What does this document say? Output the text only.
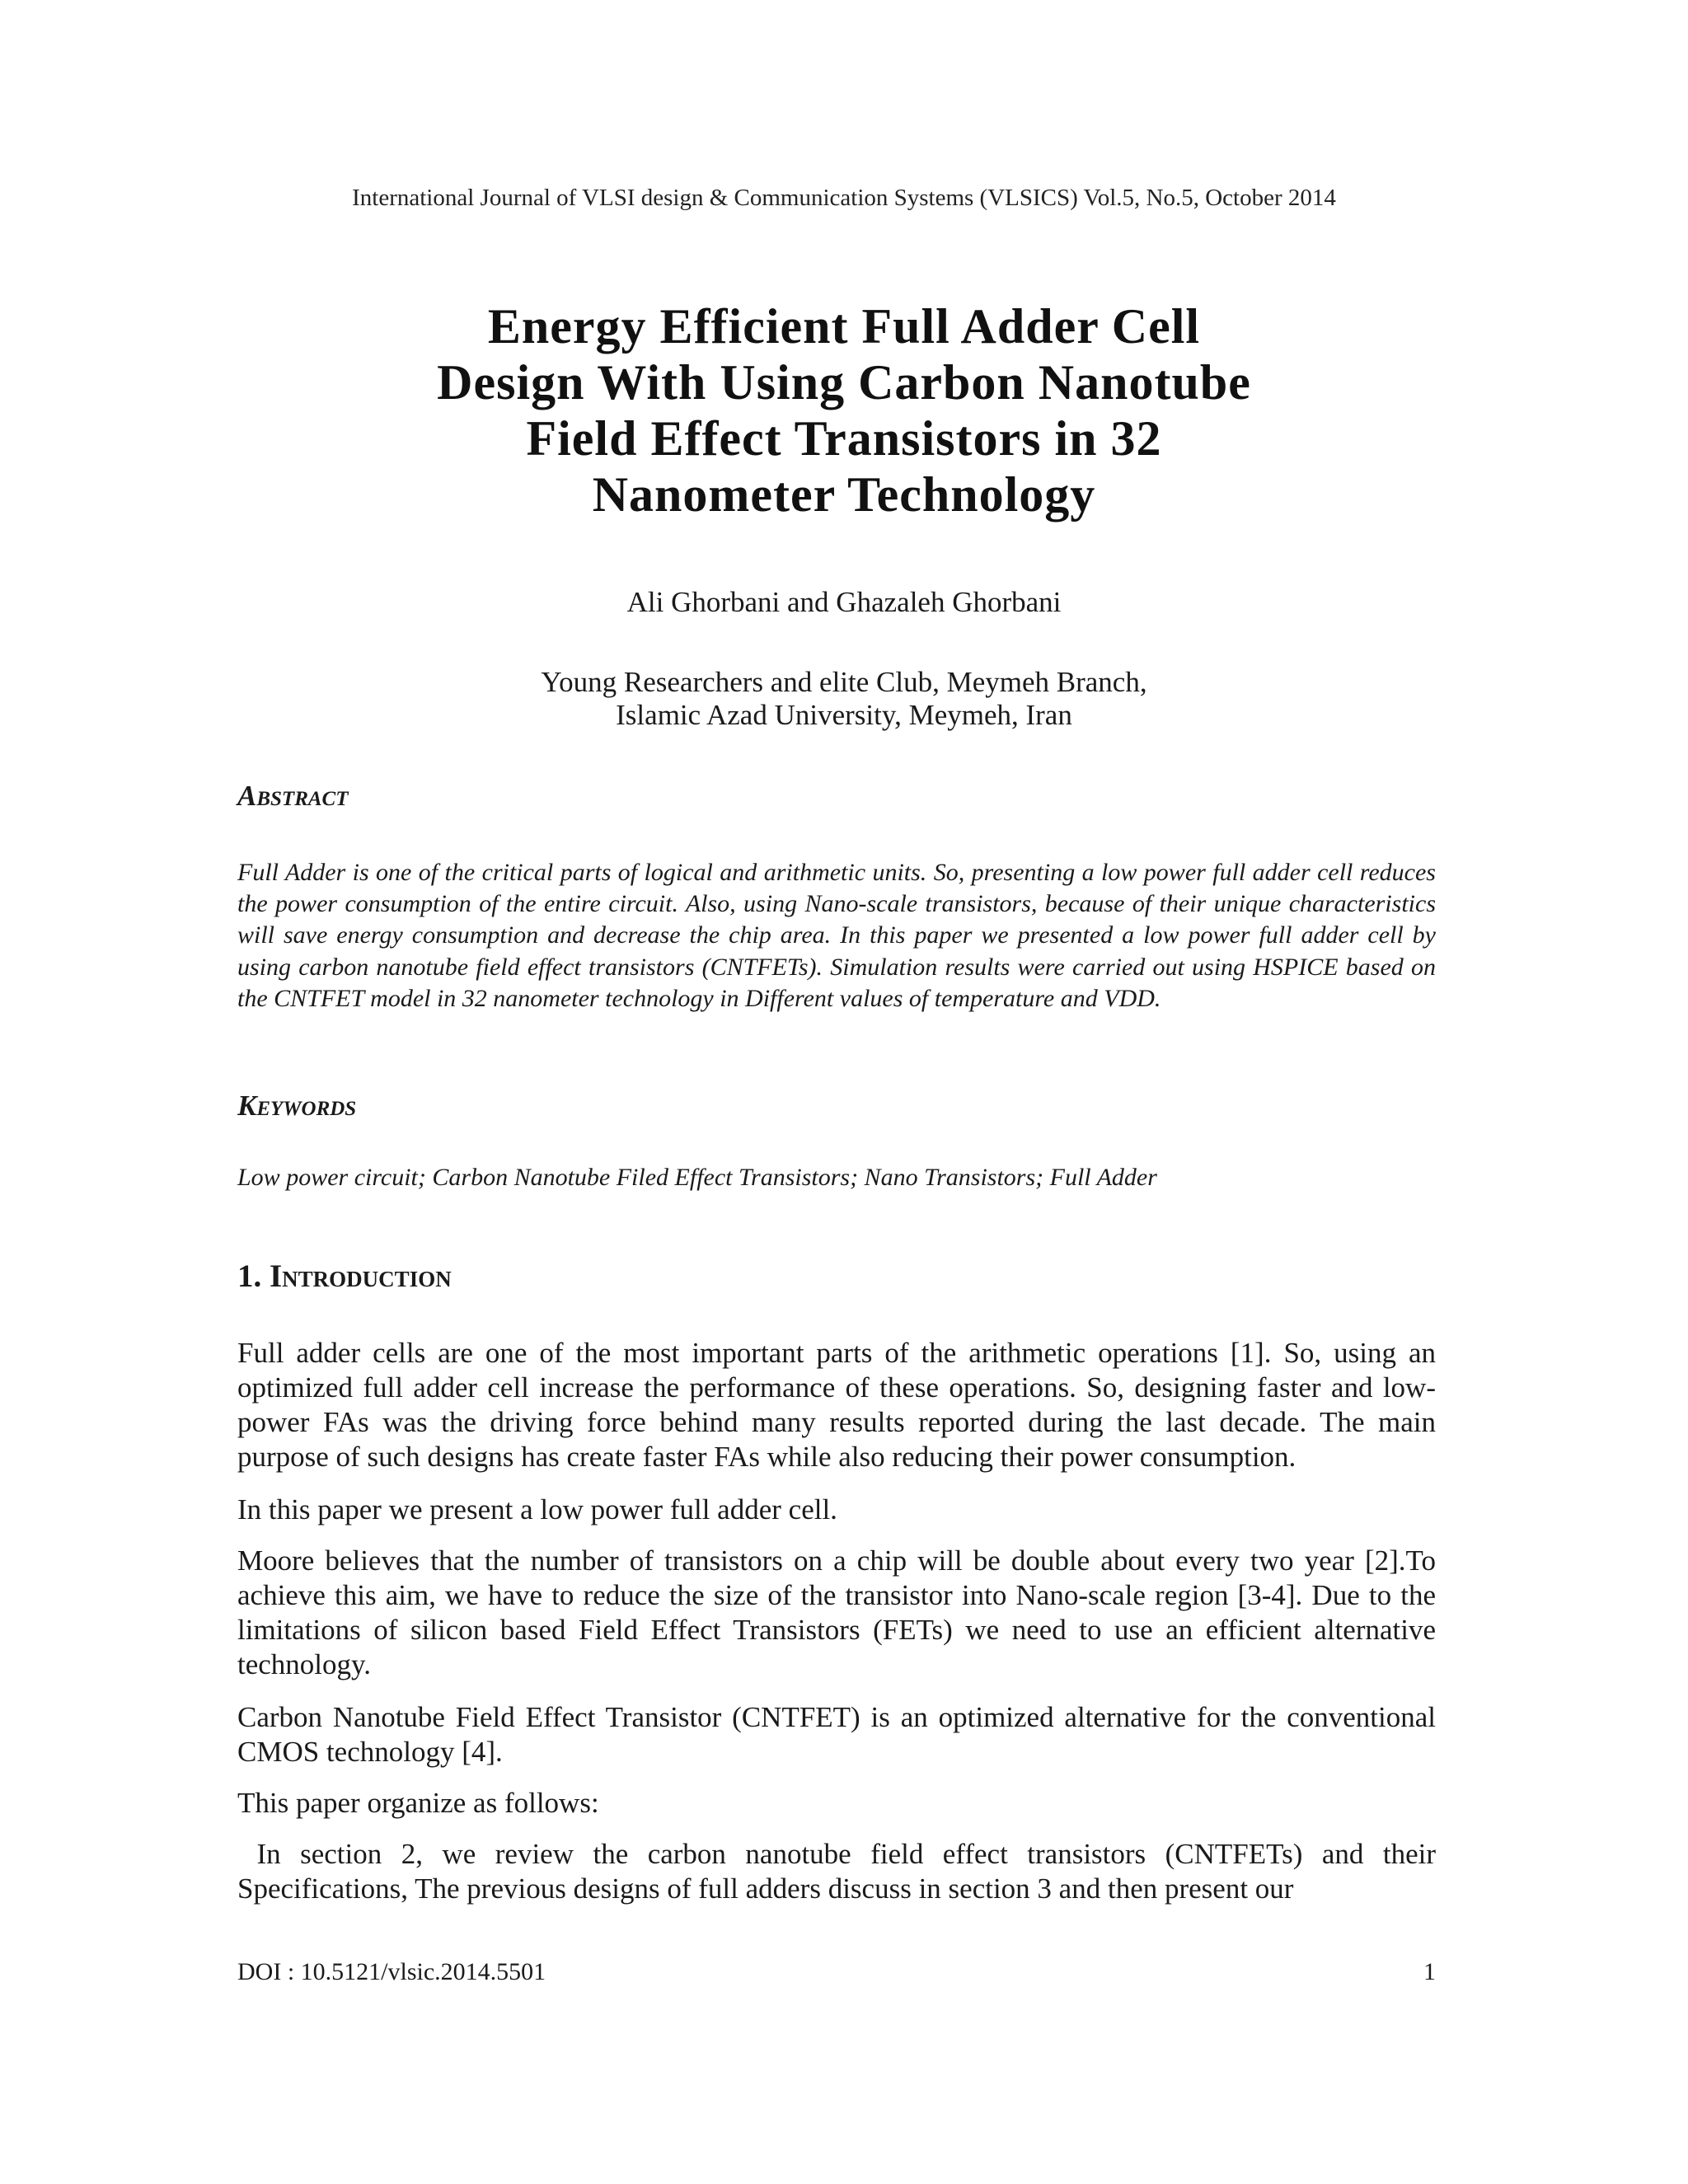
International Journal of VLSI design & Communication Systems (VLSICS) Vol.5, No.5, October 2014
Energy Efficient Full Adder Cell
Design With Using Carbon Nanotube
Field Effect Transistors in 32
Nanometer Technology
Ali Ghorbani and Ghazaleh Ghorbani
Young Researchers and elite Club, Meymeh Branch,
Islamic Azad University, Meymeh, Iran
Abstract

Full Adder is one of the critical parts of logical and arithmetic units. So, presenting a low power full adder cell reduces the power consumption of the entire circuit. Also, using Nano-scale transistors, because of their unique characteristics will save energy consumption and decrease the chip area. In this paper we presented a low power full adder cell by using carbon nanotube field effect transistors (CNTFETs). Simulation results were carried out using HSPICE based on the CNTFET model in 32 nanometer technology in Different values of temperature and VDD.

Keywords

Low power circuit; Carbon Nanotube Filed Effect Transistors; Nano Transistors; Full Adder

1. Introduction

Full adder cells are one of the most important parts of the arithmetic operations [1]. So, using an optimized full adder cell increase the performance of these operations. So, designing faster and low-power FAs was the driving force behind many results reported during the last decade. The main purpose of such designs has create faster FAs while also reducing their power consumption.

In this paper we present a low power full adder cell.

Moore believes that the number of transistors on a chip will be double about every two year [2].To achieve this aim, we have to reduce the size of the transistor into Nano-scale region [3-4]. Due to the limitations of silicon based Field Effect Transistors (FETs) we need to use an efficient alternative technology.

Carbon Nanotube Field Effect Transistor (CNTFET) is an optimized alternative for the conventional CMOS technology [4].

This paper organize as follows:

In section 2, we review the carbon nanotube field effect transistors (CNTFETs) and their Specifications, The previous designs of full adders discuss in section 3 and then present our

DOI : 10.5121/vlsic.2014.5501	1
